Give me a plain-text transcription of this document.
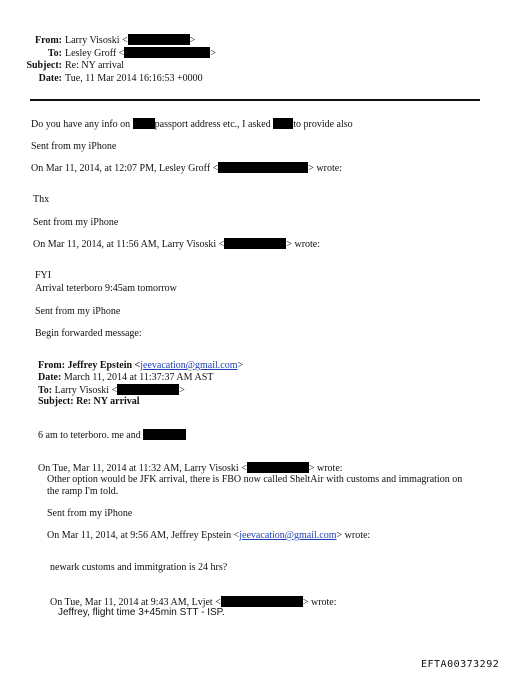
From: Larry Visoski <	>
To: Lesley Groff <	>
Subject: Re: NY arrival
Date: Tue, 11 Mar 2014 16:16:53 +0000
Do you have any info on passport address etc., I asked to provide also
Sent from my iPhone
On Mar 11, 2014, at 12:07 PM, Lesley Groff <	> wrote:
Thx
Sent from my iPhone
On Mar 11, 2014, at 11:56 AM, Larry Visoski <	> wrote:
FYI
Arrival teterboro 9:45am tomorrow
Sent from my iPhone
Begin forwarded message:
From: Jeffrey Epstein <jeevacation@gmail.com>
Date: March 11, 2014 at 11:37:37 AM AST
To: Larry Visoski <	>
Subject: Re: NY arrival
6 am to teterboro. me and
On Tue, Mar 11, 2014 at 11:32 AM, Larry Visoski <	> wrote:
Other option would be JFK arrival, there is FBO now called SheltAir with customs and immagration on
the ramp I'm told.
Sent from my iPhone
On Mar 11, 2014, at 9:56 AM, Jeffrey Epstein <jeevacation@gmail.com> wrote:
newark customs and immitgration is 24 hrs?
On Tue, Mar 11, 2014 at 9:43 AM, Lvjet <	> wrote:
Jeffrey, flight time 3+45min STT - ISP.
EFTA00373292
